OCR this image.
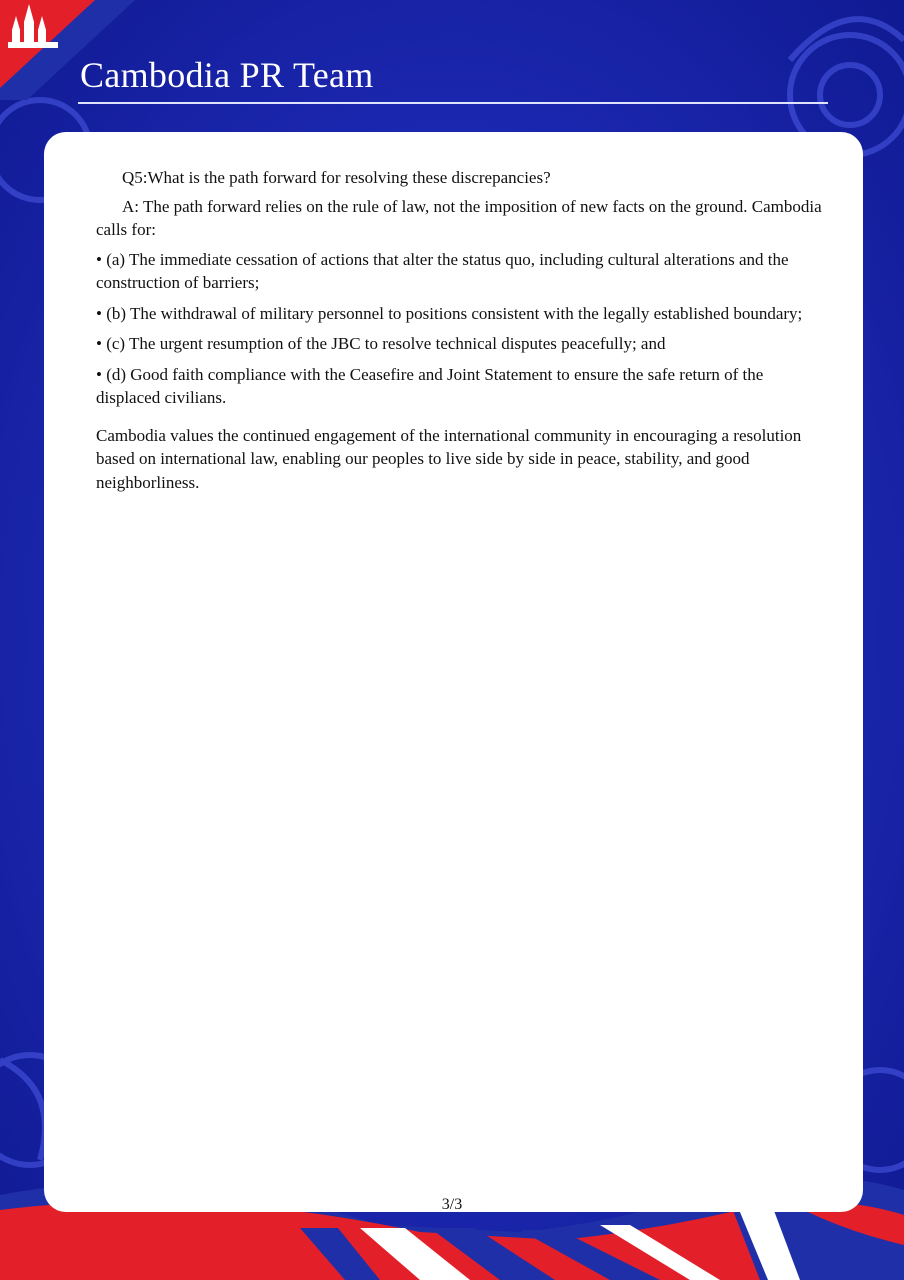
Cambodia PR Team

Q5:What is the path forward for resolving these discrepancies?

A: The path forward relies on the rule of law, not the imposition of new facts on the ground. Cambodia calls for:

• (a) The immediate cessation of actions that alter the status quo, including cultural alterations and the construction of barriers;

• (b) The withdrawal of military personnel to positions consistent with the legally established boundary;

• (c) The urgent resumption of the JBC to resolve technical disputes peacefully; and

• (d) Good faith compliance with the Ceasefire and Joint Statement to ensure the safe return of the displaced civilians.

Cambodia values the continued engagement of the international community in encouraging a resolution based on international law, enabling our peoples to live side by side in peace, stability, and good neighborliness.

3/3
